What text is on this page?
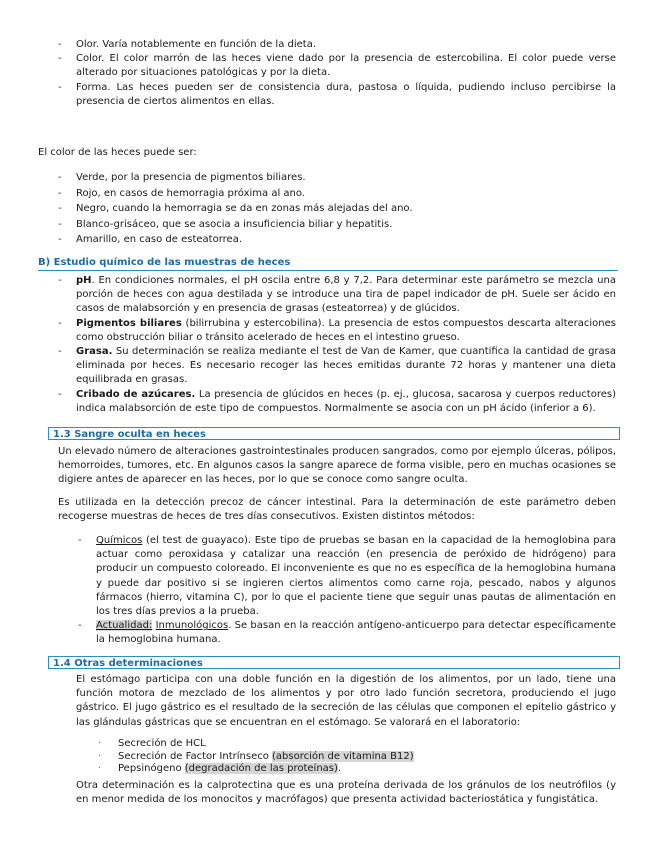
- Olor. Varía notablemente en función de la dieta.
- Color. El color marrón de las heces viene dado por la presencia de estercobilina. El color puede verse alterado por situaciones patológicas y por la dieta.
- Forma. Las heces pueden ser de consistencia dura, pastosa o líquida, pudiendo incluso percibirse la presencia de ciertos alimentos en ellas.

El color de las heces puede ser:

- Verde, por la presencia de pigmentos biliares.
- Rojo, en casos de hemorragia próxima al ano.
- Negro, cuando la hemorragia se da en zonas más alejadas del ano.
- Blanco-grisáceo, que se asocia a insuficiencia biliar y hepatitis.
- Amarillo, en caso de esteatorrea.
B) Estudio químico de las muestras de heces
- pH. En condiciones normales, el pH oscila entre 6,8 y 7,2. Para determinar este parámetro se mezcla una porción de heces con agua destilada y se introduce una tira de papel indicador de pH. Suele ser ácido en casos de malabsorción y en presencia de grasas (esteatorrea) y de glúcidos.
- Pigmentos biliares (bilirrubina y estercobilina). La presencia de estos compuestos descarta alteraciones como obstrucción biliar o tránsito acelerado de heces en el intestino grueso.
- Grasa. Su determinación se realiza mediante el test de Van de Kamer, que cuantifica la cantidad de grasa eliminada por heces. Es necesario recoger las heces emitidas durante 72 horas y mantener una dieta equilibrada en grasas.
- Cribado de azúcares. La presencia de glúcidos en heces (p. ej., glucosa, sacarosa y cuerpos reductores) indica malabsorción de este tipo de compuestos. Normalmente se asocia con un pH ácido (inferior a 6).
1.3 Sangre oculta en heces

Un elevado número de alteraciones gastrointestinales producen sangrados, como por ejemplo úlceras, pólipos, hemorroides, tumores, etc. En algunos casos la sangre aparece de forma visible, pero en muchas ocasiones se digiere antes de aparecer en las heces, por lo que se conoce como sangre oculta.

Es utilizada en la detección precoz de cáncer intestinal. Para la determinación de este parámetro deben recogerse muestras de heces de tres días consecutivos. Existen distintos métodos:

- Químicos (el test de guayaco). Este tipo de pruebas se basan en la capacidad de la hemoglobina para actuar como peroxidasa y catalizar una reacción (en presencia de peróxido de hidrógeno) para producir un compuesto coloreado. El inconveniente es que no es específica de la hemoglobina humana y puede dar positivo si se ingieren ciertos alimentos como carne roja, pescado, nabos y algunos fármacos (hierro, vitamina C), por lo que el paciente tiene que seguir unas pautas de alimentación en los tres días previos a la prueba.
- Actualidad: Inmunológicos. Se basan en la reacción antígeno-anticuerpo para detectar específicamente la hemoglobina humana.
1.4 Otras determinaciones

El estómago participa con una doble función en la digestión de los alimentos, por un lado, tiene una función motora de mezclado de los alimentos y por otro lado función secretora, produciendo el jugo gástrico. El jugo gástrico es el resultado de la secreción de las células que componen el epitelio gástrico y las glándulas gástricas que se encuentran en el estómago. Se valorará en el laboratorio:

· Secreción de HCL
· Secreción de Factor Intrínseco (absorción de vitamina B12)
· Pepsinógeno (degradación de las proteínas).

Otra determinación es la calprotectina que es una proteína derivada de los gránulos de los neutrófilos (y en menor medida de los monocitos y macrófagos) que presenta actividad bacteriostática y fungistática.
